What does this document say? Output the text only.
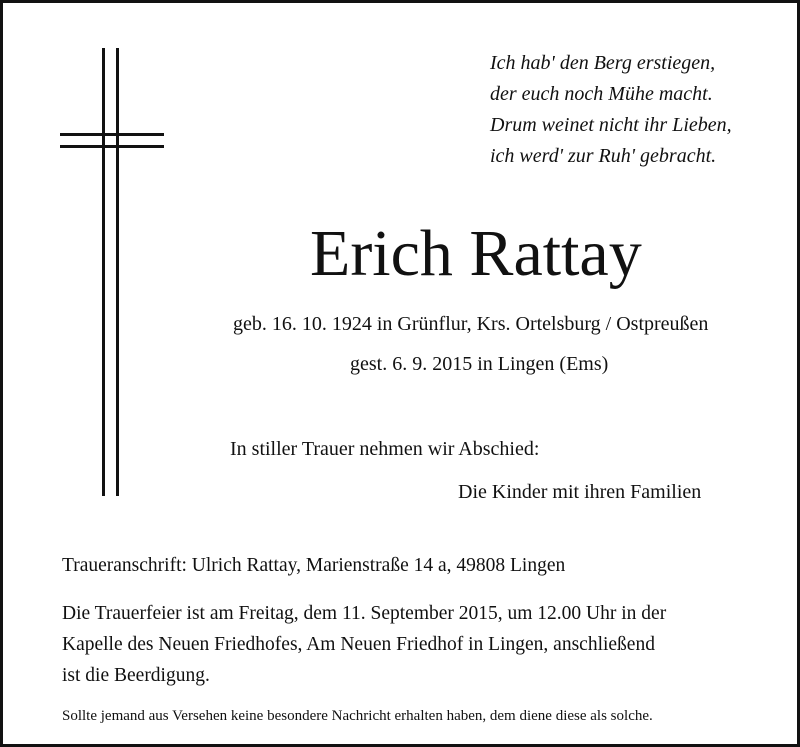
Ich hab' den Berg erstiegen,
der euch noch Mühe macht.
Drum weinet nicht ihr Lieben,
ich werd' zur Ruh' gebracht.
Erich Rattay
geb. 16. 10. 1924 in Grünflur, Krs. Ortelsburg / Ostpreußen
gest. 6. 9. 2015 in Lingen (Ems)
In stiller Trauer nehmen wir Abschied:
Die Kinder mit ihren Familien
Traueranschrift: Ulrich Rattay, Marienstraße 14 a, 49808 Lingen
Die Trauerfeier ist am Freitag, dem 11. September 2015, um 12.00 Uhr in der
Kapelle des Neuen Friedhofes, Am Neuen Friedhof in Lingen, anschließend
ist die Beerdigung.
Sollte jemand aus Versehen keine besondere Nachricht erhalten haben, dem diene diese als solche.
